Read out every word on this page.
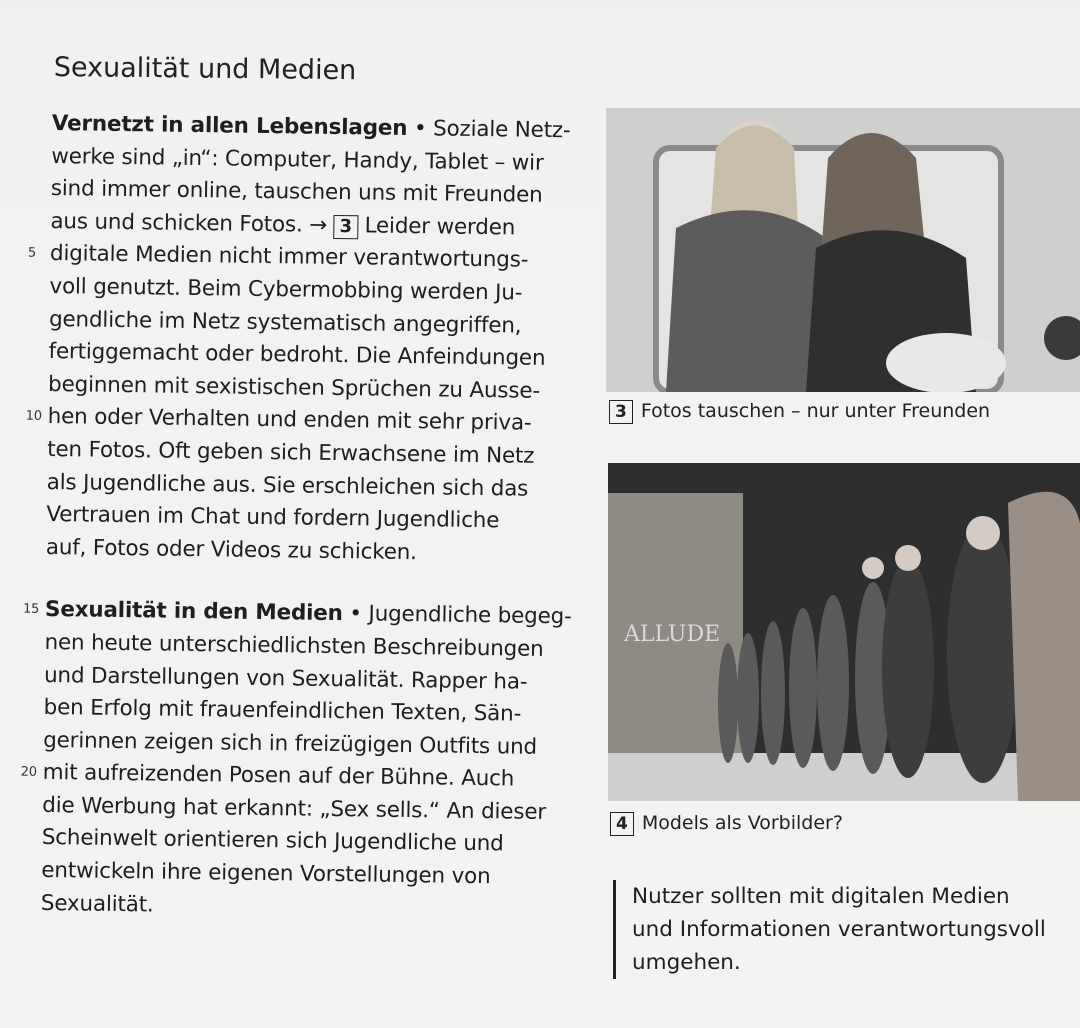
Sexualität und Medien
Vernetzt in allen Lebenslagen • Soziale Netz-
werke sind „in“: Computer, Handy, Tablet – wir
sind immer online, tauschen uns mit Freunden
aus und schicken Fotos. → 3 Leider werden
5 digitale Medien nicht immer verantwortungs-
voll genutzt. Beim Cybermobbing werden Ju-
gendliche im Netz systematisch angegriffen,
fertiggemacht oder bedroht. Die Anfeindungen
beginnen mit sexistischen Sprüchen zu Ausse-
10 hen oder Verhalten und enden mit sehr priva-
ten Fotos. Oft geben sich Erwachsene im Netz
als Jugendliche aus. Sie erschleichen sich das
Vertrauen im Chat und fordern Jugendliche
auf, Fotos oder Videos zu schicken.
15 Sexualität in den Medien • Jugendliche begeg-
nen heute unterschiedlichsten Beschreibungen
und Darstellungen von Sexualität. Rapper ha-
ben Erfolg mit frauenfeindlichen Texten, Sän-
gerinnen zeigen sich in freizügigen Outfits und
20 mit aufreizenden Posen auf der Bühne. Auch
die Werbung hat erkannt: „Sex sells.“ An dieser
Scheinwelt orientieren sich Jugendliche und
entwickeln ihre eigenen Vorstellungen von
Sexualität.
3 Fotos tauschen – nur unter Freunden
ALLUDE
4 Models als Vorbilder?
Nutzer sollten mit digitalen Medien
und Informationen verantwortungsvoll
umgehen.
